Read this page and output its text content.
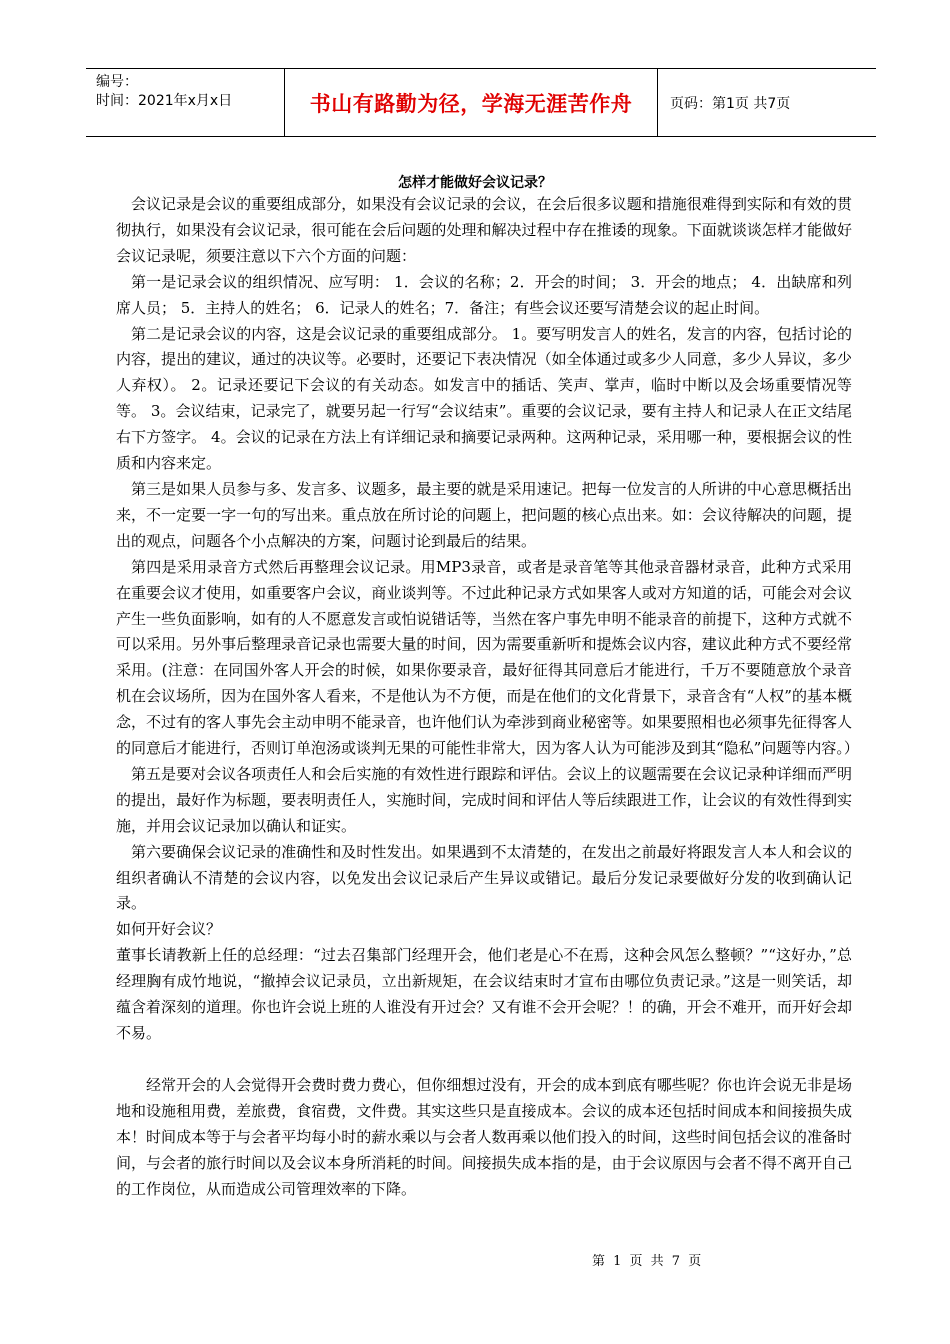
编号：
时间：2021年x月x日	书山有路勤为径，学海无涯苦作舟	页码：第1页 共7页
怎样才能做好会议记录？

会议记录是会议的重要组成部分，如果没有会议记录的会议，在会后很多议题和措施很难得到实际和有效的贯彻执行，如果没有会议记录，很可能在会后问题的处理和解决过程中存在推诿的现象。下面就谈谈怎样才能做好会议记录呢，须要注意以下六个方面的问题：

第一是记录会议的组织情况、应写明： 1．会议的名称；2．开会的时间； 3．开会的地点； 4．出缺席和列席人员； 5．主持人的姓名； 6．记录人的姓名；7．备注；有些会议还要写清楚会议的起止时间。

第二是记录会议的内容，这是会议记录的重要组成部分。 1。要写明发言人的姓名，发言的内容，包括讨论的内容，提出的建议，通过的决议等。必要时，还要记下表决情况（如全体通过或多少人同意，多少人异议，多少人弃权）。 2。记录还要记下会议的有关动态。如发言中的插话、笑声、掌声，临时中断以及会场重要情况等等。 3。会议结束，记录完了，就要另起一行写“会议结束”。重要的会议记录，要有主持人和记录人在正文结尾右下方签字。 4。会议的记录在方法上有详细记录和摘要记录两种。这两种记录，采用哪一种，要根据会议的性质和内容来定。

第三是如果人员参与多、发言多、议题多，最主要的就是采用速记。把每一位发言的人所讲的中心意思概括出来，不一定要一字一句的写出来。重点放在所讨论的问题上，把问题的核心点出来。如：会议待解决的问题，提出的观点，问题各个小点解决的方案，问题讨论到最后的结果。

第四是采用录音方式然后再整理会议记录。用MP3录音，或者是录音笔等其他录音器材录音，此种方式采用在重要会议才使用，如重要客户会议，商业谈判等。不过此种记录方式如果客人或对方知道的话，可能会对会议产生一些负面影响，如有的人不愿意发言或怕说错话等，当然在客户事先申明不能录音的前提下，这种方式就不可以采用。另外事后整理录音记录也需要大量的时间，因为需要重新听和提炼会议内容，建议此种方式不要经常采用。(注意：在同国外客人开会的时候，如果你要录音，最好征得其同意后才能进行，千万不要随意放个录音机在会议场所，因为在国外客人看来，不是他认为不方便，而是在他们的文化背景下，录音含有“人权”的基本概念，不过有的客人事先会主动申明不能录音，也许他们认为牵涉到商业秘密等。如果要照相也必须事先征得客人的同意后才能进行，否则订单泡汤或谈判无果的可能性非常大，因为客人认为可能涉及到其“隐私”问题等内容。）

第五是要对会议各项责任人和会后实施的有效性进行跟踪和评估。会议上的议题需要在会议记录种详细而严明的提出，最好作为标题，要表明责任人，实施时间，完成时间和评估人等后续跟进工作，让会议的有效性得到实施，并用会议记录加以确认和证实。

第六要确保会议记录的准确性和及时性发出。如果遇到不太清楚的，在发出之前最好将跟发言人本人和会议的组织者确认不清楚的会议内容，以免发出会议记录后产生异议或错记。最后分发记录要做好分发的收到确认记录。

如何开好会议？

董事长请教新上任的总经理：“过去召集部门经理开会，他们老是心不在焉，这种会风怎么整顿？”“这好办，”总经理胸有成竹地说，“撤掉会议记录员，立出新规矩，在会议结束时才宣布由哪位负责记录。”这是一则笑话，却蕴含着深刻的道理。你也许会说上班的人谁没有开过会？又有谁不会开会呢？！的确，开会不难开，而开好会却不易。

经常开会的人会觉得开会费时费力费心，但你细想过没有，开会的成本到底有哪些呢？你也许会说无非是场地和设施租用费，差旅费，食宿费，文件费。其实这些只是直接成本。会议的成本还包括时间成本和间接损失成本！时间成本等于与会者平均每小时的薪水乘以与会者人数再乘以他们投入的时间，这些时间包括会议的准备时间，与会者的旅行时间以及会议本身所消耗的时间。间接损失成本指的是，由于会议原因与会者不得不离开自己的工作岗位，从而造成公司管理效率的下降。

第 1 页 共 7 页
